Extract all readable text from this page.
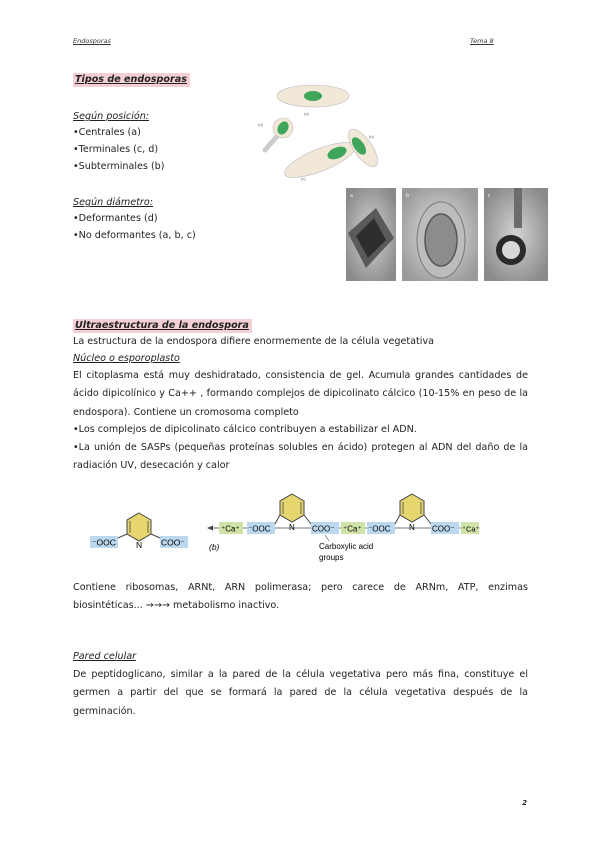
Endosporas	Tema 8
Tipos de endosporas
Según posición:
•Centrales (a)
•Terminales (c, d)
•Subterminales (b)
Según diámetro:
•Deformantes (d)
•No deformantes (a, b, c)
(a)
(d)
(c)
(b)
a	b	c
Ultraestructura de la endospora
La estructura de la endospora difiere enormemente de la célula vegetativa
Núcleo o esporoplasto
El citoplasma está muy deshidratado, consistencia de gel. Acumula grandes cantidades de ácido dipicolínico y Ca++ , formando complejos de dipicolinato cálcico (10-15% en peso de la endospora). Contiene un cromosoma completo
•Los complejos de dipicolinato cálcico contribuyen a estabilizar el ADN.
•La unión de SASPs (pequeñas proteínas solubles en ácido) protegen al ADN del daño de la radiación UV, desecación y calor
⁻OOC N COO⁻
⁺Ca⁺ ⁻OOC N COO⁻ ⁺Ca⁺ ⁻OOC N COO⁻ ⁺Ca⁺
(b)	Carboxylic acid
groups
Contiene ribosomas, ARNt, ARN polimerasa; pero carece de ARNm, ATP, enzimas biosintéticas... →→→ metabolismo inactivo.
Pared celular
De peptidoglicano, similar a la pared de la célula vegetativa pero más fina, constituye el germen a partir del que se formará la pared de la célula vegetativa después de la germinación.
2
